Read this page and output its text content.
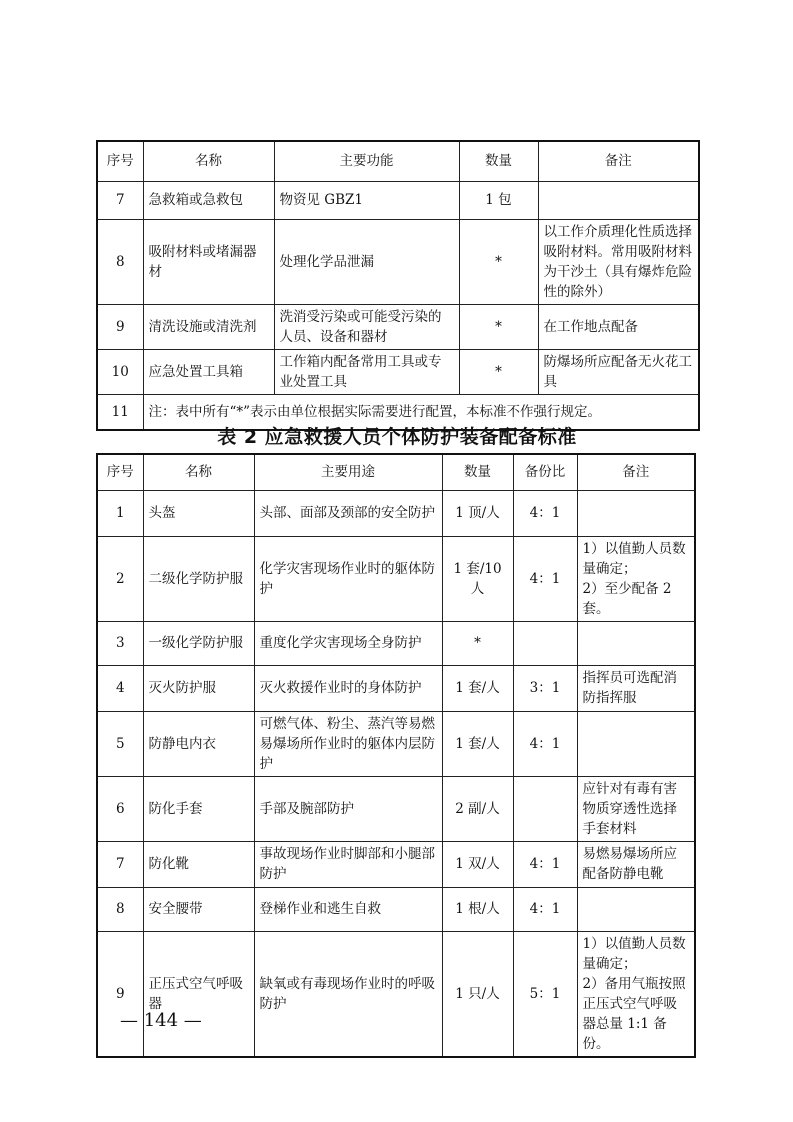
序号	名称	主要功能	数量	备注
7	急救箱或急救包	物资见 GBZ1	1 包	
8	吸附材料或堵漏器材	处理化学品泄漏	*	以工作介质理化性质选择吸附材料。常用吸附材料为干沙土（具有爆炸危险性的除外）
9	清洗设施或清洗剂	洗消受污染或可能受污染的人员、设备和器材	*	在工作地点配备
10	应急处置工具箱	工作箱内配备常用工具或专业处置工具	*	防爆场所应配备无火花工具
11	注：表中所有“*”表示由单位根据实际需要进行配置，本标准不作强行规定。			
表 2 应急救援人员个体防护装备配备标准
序号	名称	主要用途	数量	备份比	备注
1	头盔	头部、面部及颈部的安全防护	1 顶/人	4：1	
2	二级化学防护服	化学灾害现场作业时的躯体防护	1 套/10 人	4：1	1）以值勤人员数量确定；
2）至少配备 2 套。
3	一级化学防护服	重度化学灾害现场全身防护	*		
4	灭火防护服	灭火救援作业时的身体防护	1 套/人	3：1	指挥员可选配消防指挥服
5	防静电内衣	可燃气体、粉尘、蒸汽等易燃易爆场所作业时的躯体内层防护	1 套/人	4：1	
6	防化手套	手部及腕部防护	2 副/人		应针对有毒有害物质穿透性选择手套材料
7	防化靴	事故现场作业时脚部和小腿部防护	1 双/人	4：1	易燃易爆场所应配备防静电靴
8	安全腰带	登梯作业和逃生自救	1 根/人	4：1	
9	正压式空气呼吸器	缺氧或有毒现场作业时的呼吸防护	1 只/人	5：1	1）以值勤人员数量确定；
2）备用气瓶按照正压式空气呼吸器总量 1:1 备份。
— 144 —
